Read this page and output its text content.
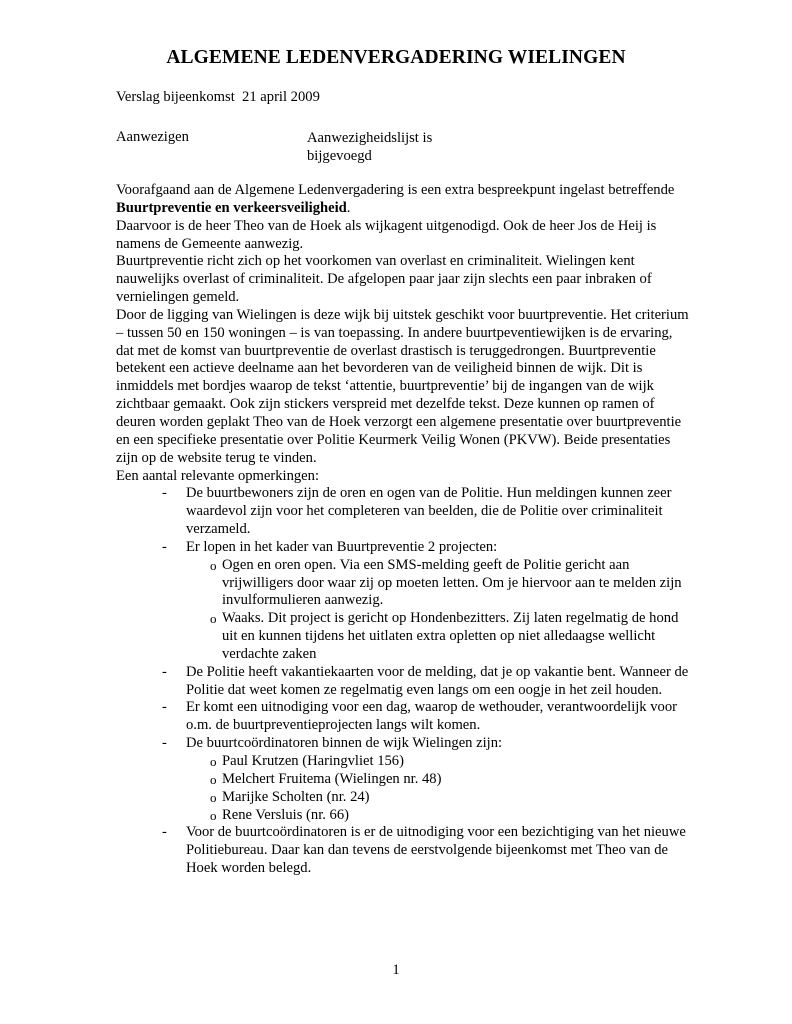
ALGEMENE LEDENVERGADERING WIELINGEN
Verslag bijeenkomst  21 april 2009
Aanwezigen	Aanwezigheidslijst is
bijgevoegd

Voorafgaand aan de Algemene Ledenvergadering is een extra bespreekpunt ingelast betreffende Buurtpreventie en verkeersveiligheid.

Daarvoor is de heer Theo van de Hoek als wijkagent uitgenodigd. Ook de heer Jos de Heij is namens de Gemeente aanwezig.

Buurtpreventie richt zich op het voorkomen van overlast en criminaliteit. Wielingen kent nauwelijks overlast of criminaliteit. De afgelopen paar jaar zijn slechts een paar inbraken of vernielingen gemeld.

Door de ligging van Wielingen is deze wijk bij uitstek geschikt voor buurtpreventie. Het criterium – tussen 50 en 150 woningen – is van toepassing. In andere buurtpeventiewijken is de ervaring, dat met de komst van buurtpreventie de overlast drastisch is teruggedrongen. Buurtpreventie betekent een actieve deelname aan het bevorderen van de veiligheid binnen de wijk. Dit is inmiddels met bordjes waarop de tekst ‘attentie, buurtpreventie’ bij de ingangen van de wijk zichtbaar gemaakt. Ook zijn stickers verspreid met dezelfde tekst. Deze kunnen op ramen of deuren worden geplakt Theo van de Hoek verzorgt een algemene presentatie over buurtpreventie en een specifieke presentatie over Politie Keurmerk Veilig Wonen (PKVW). Beide presentaties zijn op de website terug te vinden.

Een aantal relevante opmerkingen:

- De buurtbewoners zijn de oren en ogen van de Politie. Hun meldingen kunnen zeer waardevol zijn voor het completeren van beelden, die de Politie over criminaliteit verzameld.
- Er lopen in het kader van Buurtpreventie 2 projecten:
o Ogen en oren open. Via een SMS-melding geeft de Politie gericht aan vrijwilligers door waar zij op moeten letten. Om je hiervoor aan te melden zijn invulformulieren aanwezig.
o Waaks. Dit project is gericht op Hondenbezitters. Zij laten regelmatig de hond uit en kunnen tijdens het uitlaten extra opletten op niet alledaagse wellicht verdachte zaken
- De Politie heeft vakantiekaarten voor de melding, dat je op vakantie bent. Wanneer de Politie dat weet komen ze regelmatig even langs om een oogje in het zeil houden.
- Er komt een uitnodiging voor een dag, waarop de wethouder, verantwoordelijk voor o.m. de buurtpreventieprojecten langs wilt komen.
- De buurtcoördinatoren binnen de wijk Wielingen zijn:
o Paul Krutzen (Haringvliet 156)
o Melchert Fruitema (Wielingen nr. 48)
o Marijke Scholten (nr. 24)
o Rene Versluis (nr. 66)
- Voor de buurtcoördinatoren is er de uitnodiging voor een bezichtiging van het nieuwe Politiebureau. Daar kan dan tevens de eerstvolgende bijeenkomst met Theo van de Hoek worden belegd.
1
